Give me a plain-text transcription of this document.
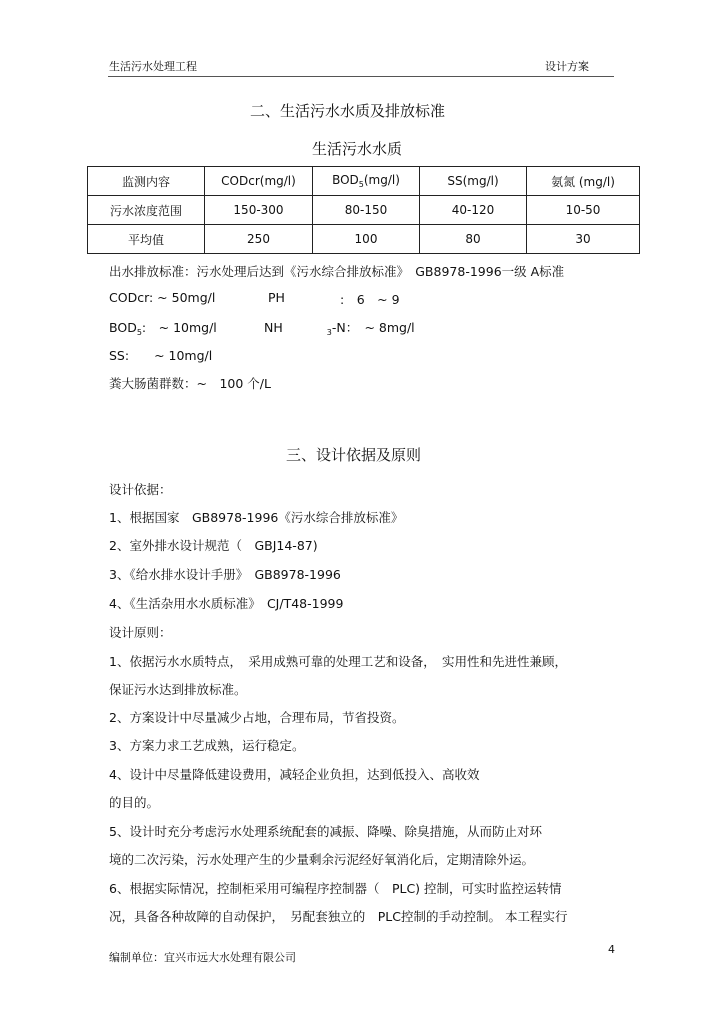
生活污水处理工程	设计方案
二、生活污水水质及排放标准
生活污水水质
监测内容	CODcr(mg/l)	$BOD_5(mg/l)$	SS(mg/l)	氨氮 (mg/l)
污水浓度范围	150-300	80-150	40-120	10-50
平均值	250	100	80	30
出水排放标准：污水处理后达到《污水综合排放标准》　GB8978-1996一级 A标准
CODcr: ~ 50mg/l	PH	:　6　~ 9
$BOD_5$:　~ 10mg/l	NH	$_3$-N：　~ 8mg/l
SS:　　~ 10mg/l
粪大肠菌群数：~　100 个/L
三、设计依据及原则
设计依据：
1、根据国家　GB8978-1996《污水综合排放标准》
2、室外排水设计规范（　GBJ14-87)
3、《给水排水设计手册》　GB8978-1996
4、《生活杂用水水质标准》　CJ/T48-1999
设计原则：
1、依据污水水质特点，　采用成熟可靠的处理工艺和设备，　实用性和先进性兼顾，
保证污水达到排放标准。
2、方案设计中尽量减少占地，合理布局，节省投资。
3、方案力求工艺成熟，运行稳定。
4、设计中尽量降低建设费用，减轻企业负担，达到低投入、高收效
的目的。
5、设计时充分考虑污水处理系统配套的减振、降噪、除臭措施，从而防止对环
境的二次污染，污水处理产生的少量剩余污泥经好氧消化后，定期清除外运。
6、根据实际情况，控制柜采用可编程序控制器（　PLC) 控制，可实时监控运转情
况，具备各种故障的自动保护，　另配套独立的　PLC控制的手动控制。 本工程实行
编制单位：宜兴市远大水处理有限公司
4
